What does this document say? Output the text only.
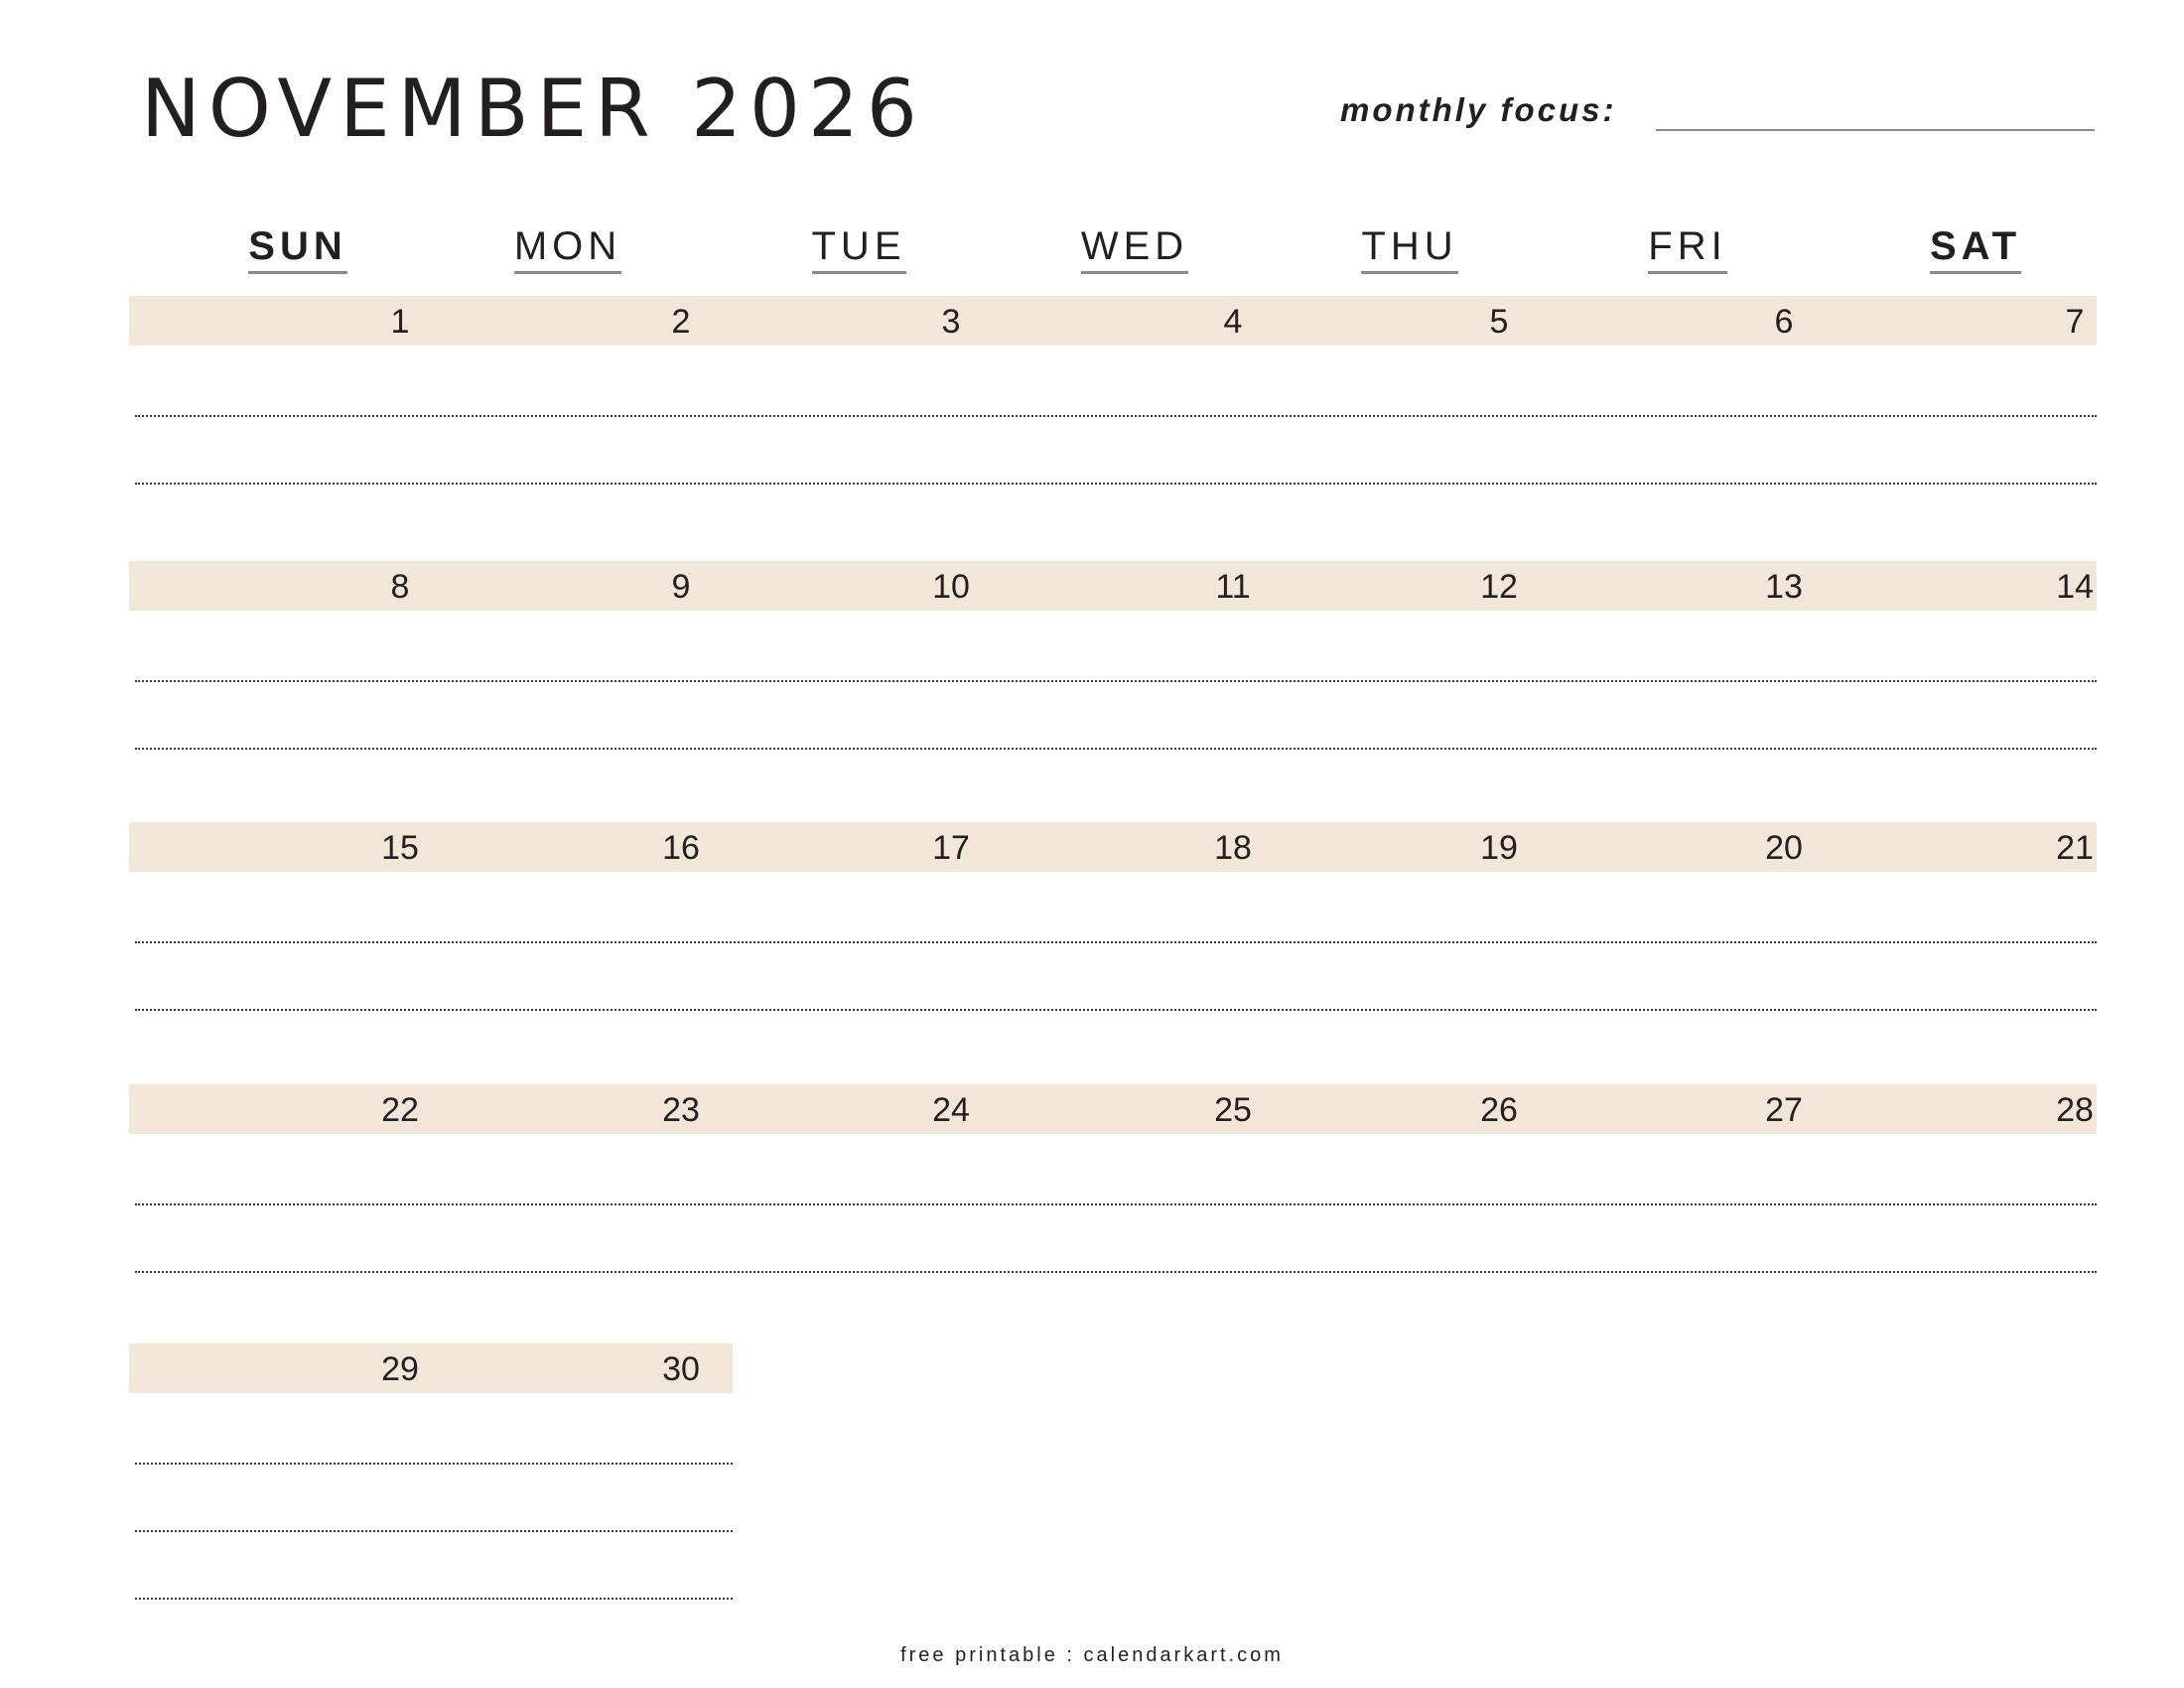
NOVEMBER 2026	monthly focus:
SUN	MON	TUE	WED	THU	FRI	SAT
1	2	3	4	5	6	7
8	9	10	11	12	13	14
15	16	17	18	19	20	21
22	23	24	25	26	27	28
29	30
free printable : calendarkart.com
